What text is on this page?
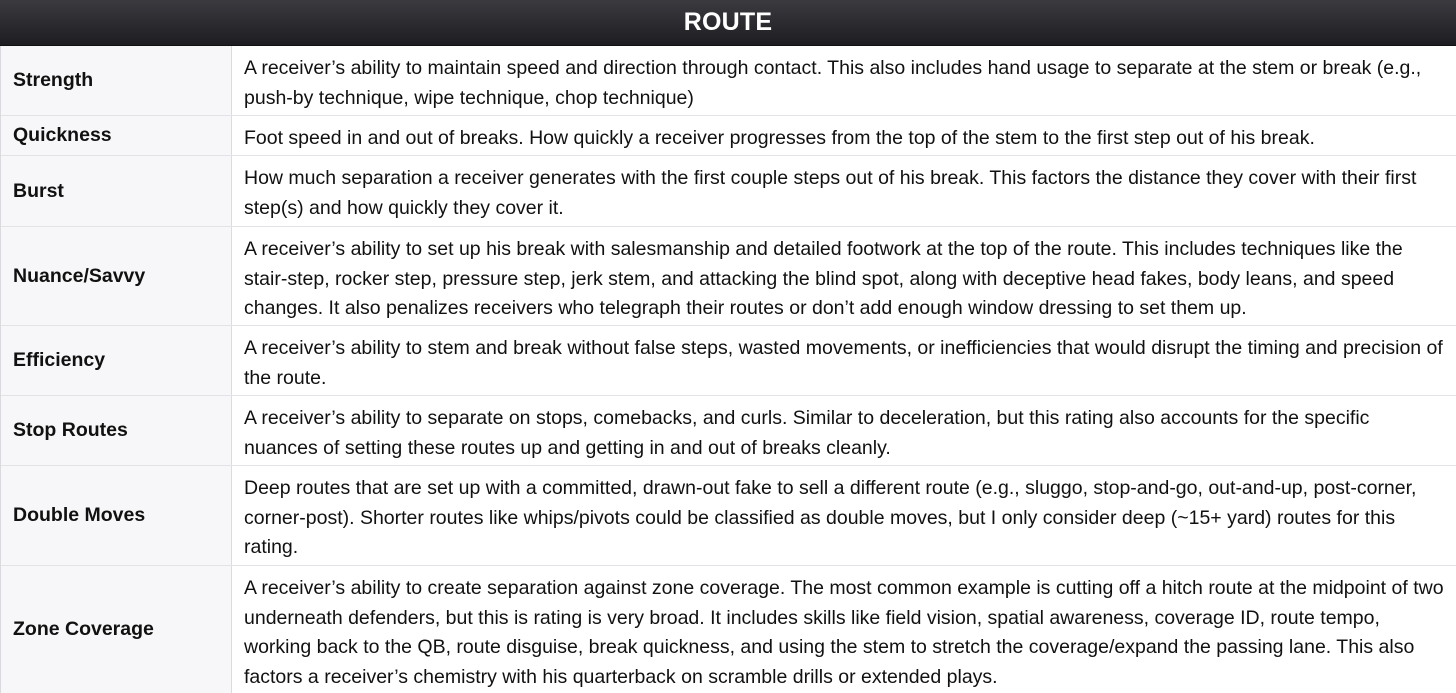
ROUTE
Strength
A receiver’s ability to maintain speed and direction through contact. This also includes hand usage to separate at the stem or break (e.g., push-by technique, wipe technique, chop technique)
Quickness	Foot speed in and out of breaks. How quickly a receiver progresses from the top of the stem to the first step out of his break.
Burst
How much separation a receiver generates with the first couple steps out of his break. This factors the distance they cover with their first step(s) and how quickly they cover it.
Nuance/Savvy
A receiver’s ability to set up his break with salesmanship and detailed footwork at the top of the route. This includes techniques like the stair-step, rocker step, pressure step, jerk stem, and attacking the blind spot, along with deceptive head fakes, body leans, and speed changes. It also penalizes receivers who telegraph their routes or don’t add enough window dressing to set them up.
Efficiency
A receiver’s ability to stem and break without false steps, wasted movements, or inefficiencies that would disrupt the timing and precision of the route.
Stop Routes
A receiver’s ability to separate on stops, comebacks, and curls. Similar to deceleration, but this rating also accounts for the specific nuances of setting these routes up and getting in and out of breaks cleanly.
Double Moves
Deep routes that are set up with a committed, drawn-out fake to sell a different route (e.g., sluggo, stop-and-go, out-and-up, post-corner, corner-post). Shorter routes like whips/pivots could be classified as double moves, but I only consider deep (~15+ yard) routes for this rating.
Zone Coverage
A receiver’s ability to create separation against zone coverage. The most common example is cutting off a hitch route at the midpoint of two underneath defenders, but this is rating is very broad. It includes skills like field vision, spatial awareness, coverage ID, route tempo, working back to the QB, route disguise, break quickness, and using the stem to stretch the coverage/expand the passing lane. This also factors a receiver’s chemistry with his quarterback on scramble drills or extended plays.
